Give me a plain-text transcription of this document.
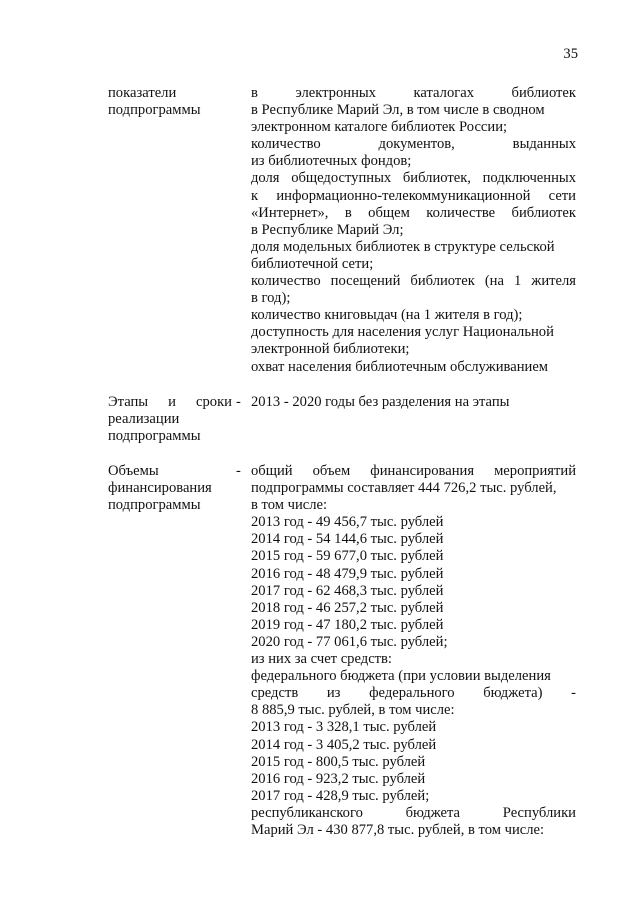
35
показатели
подпрограммы
в электронных каталогах библиотек
в Республике Марий Эл, в том числе в сводном
электронном каталоге библиотек России;
количество документов, выданных
из библиотечных фондов;
доля общедоступных библиотек, подключенных
к информационно-телекоммуникационной сети
«Интернет», в общем количестве библиотек
в Республике Марий Эл;
доля модельных библиотек в структуре сельской
библиотечной сети;
количество посещений библиотек (на 1 жителя
в год);
количество книговыдач (на 1 жителя в год);
доступность для населения услуг Национальной
электронной библиотеки;
охват населения библиотечным обслуживанием
Этапы и сроки
реализации
подпрограммы
- 2013 - 2020 годы без разделения на этапы
Объемы
финансирования
подпрограммы
- общий объем финансирования мероприятий
подпрограммы составляет 444 726,2 тыс. рублей,
в том числе:
2013 год - 49 456,7 тыс. рублей
2014 год - 54 144,6 тыс. рублей
2015 год - 59 677,0 тыс. рублей
2016 год - 48 479,9 тыс. рублей
2017 год - 62 468,3 тыс. рублей
2018 год - 46 257,2 тыс. рублей
2019 год - 47 180,2 тыс. рублей
2020 год - 77 061,6 тыс. рублей;
из них за счет средств:
федерального бюджета (при условии выделения
средств из федерального бюджета) -
8 885,9 тыс. рублей, в том числе:
2013 год - 3 328,1 тыс. рублей
2014 год - 3 405,2 тыс. рублей
2015 год - 800,5 тыс. рублей
2016 год - 923,2 тыс. рублей
2017 год - 428,9 тыс. рублей;
республиканского бюджета Республики
Марий Эл - 430 877,8 тыс. рублей, в том числе:
